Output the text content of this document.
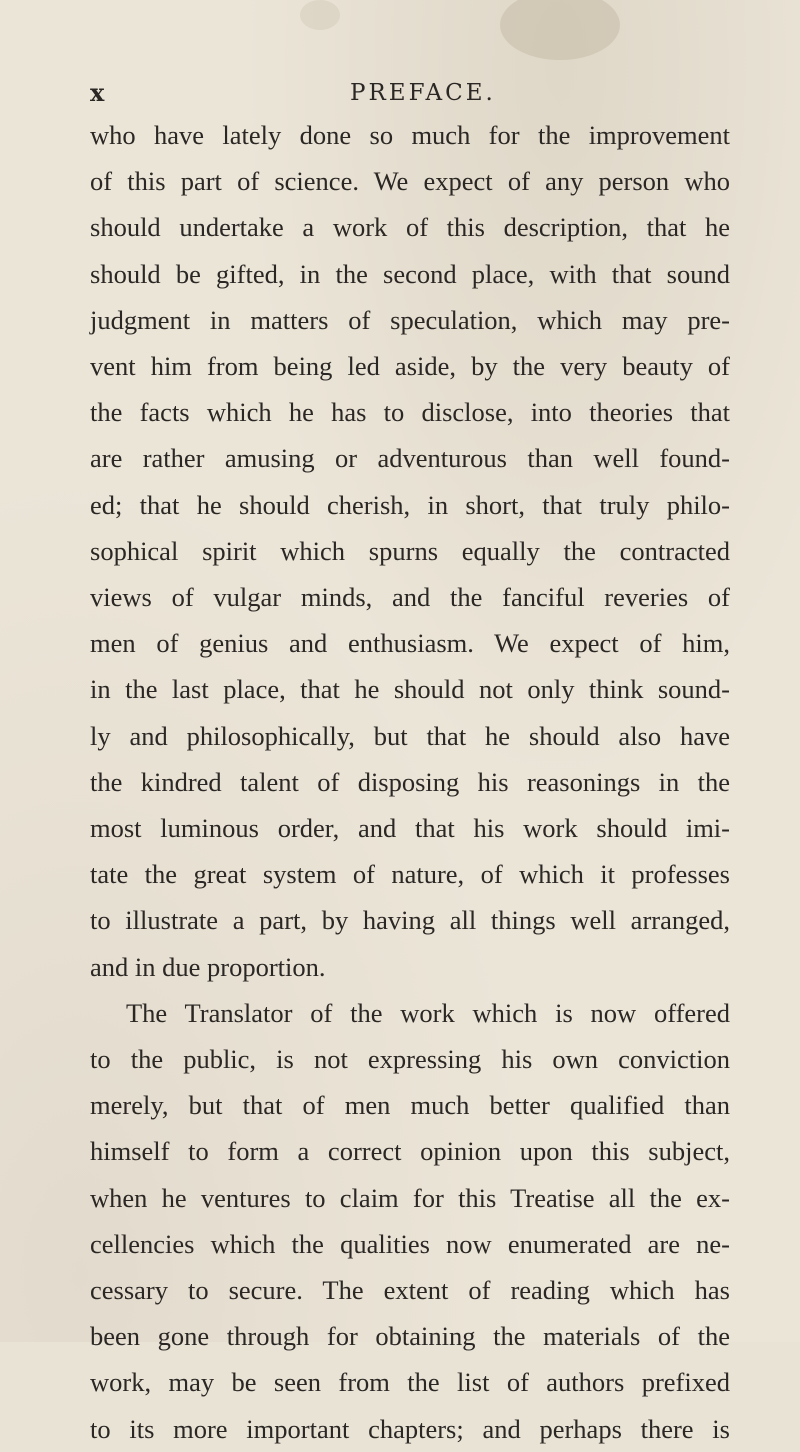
x	PREFACE.
who have lately done so much for the improvement
of this part of science. We expect of any person who
should undertake a work of this description, that he
should be gifted, in the second place, with that sound
judgment in matters of speculation, which may pre-
vent him from being led aside, by the very beauty of
the facts which he has to disclose, into theories that
are rather amusing or adventurous than well found-
ed; that he should cherish, in short, that truly philo-
sophical spirit which spurns equally the contracted
views of vulgar minds, and the fanciful reveries of
men of genius and enthusiasm. We expect of him,
in the last place, that he should not only think sound-
ly and philosophically, but that he should also have
the kindred talent of disposing his reasonings in the
most luminous order, and that his work should imi-
tate the great system of nature, of which it professes
to illustrate a part, by having all things well arranged,
and in due proportion.
The Translator of the work which is now offered
to the public, is not expressing his own conviction
merely, but that of men much better qualified than
himself to form a correct opinion upon this subject,
when he ventures to claim for this Treatise all the ex-
cellencies which the qualities now enumerated are ne-
cessary to secure. The extent of reading which has
been gone through for obtaining the materials of the
work, may be seen from the list of authors prefixed
to its more important chapters; and perhaps there is
